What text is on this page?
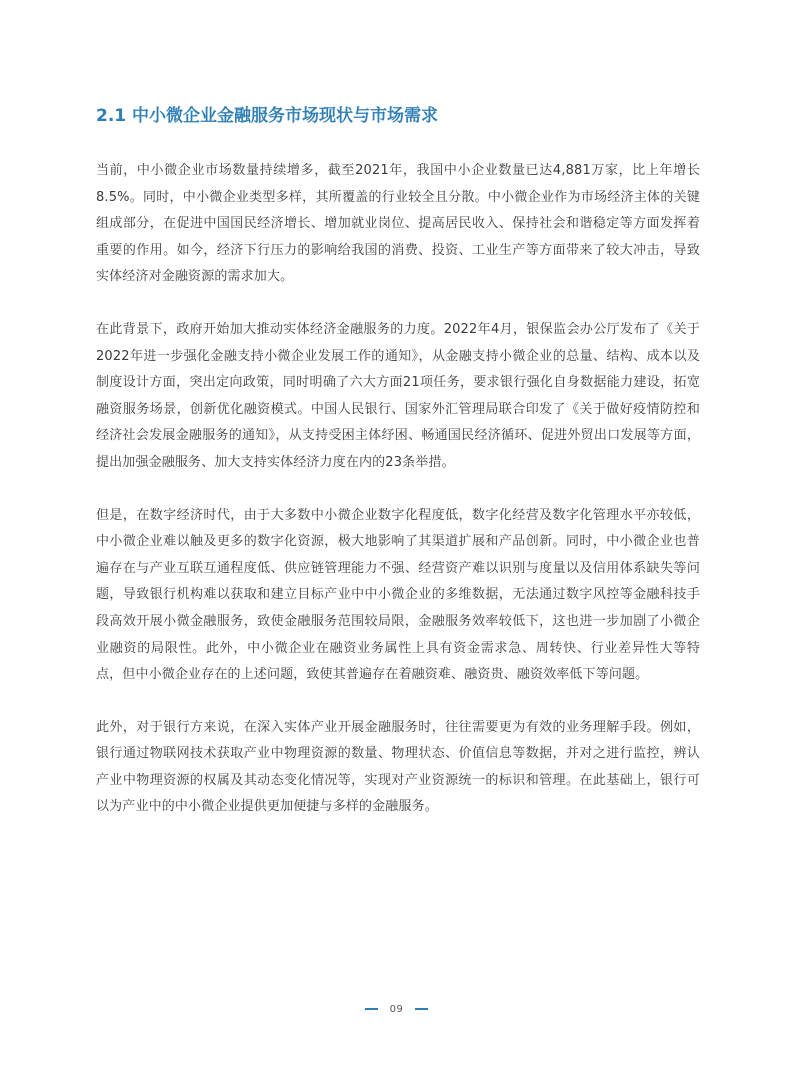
2.1 中小微企业金融服务市场现状与市场需求

当前，中小微企业市场数量持续增多，截至2021年，我国中小企业数量已达4,881万家，比上年增长8.5%。同时，中小微企业类型多样，其所覆盖的行业较全且分散。中小微企业作为市场经济主体的关键组成部分，在促进中国国民经济增长、增加就业岗位、提高居民收入、保持社会和谐稳定等方面发挥着重要的作用。如今，经济下行压力的影响给我国的消费、投资、工业生产等方面带来了较大冲击，导致实体经济对金融资源的需求加大。

在此背景下，政府开始加大推动实体经济金融服务的力度。2022年4月，银保监会办公厅发布了《关于2022年进一步强化金融支持小微企业发展工作的通知》，从金融支持小微企业的总量、结构、成本以及制度设计方面，突出定向政策，同时明确了六大方面21项任务，要求银行强化自身数据能力建设，拓宽融资服务场景，创新优化融资模式。中国人民银行、国家外汇管理局联合印发了《关于做好疫情防控和经济社会发展金融服务的通知》，从支持受困主体纾困、畅通国民经济循环、促进外贸出口发展等方面，提出加强金融服务、加大支持实体经济力度在内的23条举措。

但是，在数字经济时代，由于大多数中小微企业数字化程度低，数字化经营及数字化管理水平亦较低，中小微企业难以触及更多的数字化资源，极大地影响了其渠道扩展和产品创新。同时，中小微企业也普遍存在与产业互联互通程度低、供应链管理能力不强、经营资产难以识别与度量以及信用体系缺失等问题，导致银行机构难以获取和建立目标产业中中小微企业的多维数据，无法通过数字风控等金融科技手段高效开展小微金融服务，致使金融服务范围较局限，金融服务效率较低下，这也进一步加剧了小微企业融资的局限性。此外，中小微企业在融资业务属性上具有资金需求急、周转快、行业差异性大等特点，但中小微企业存在的上述问题，致使其普遍存在着融资难、融资贵、融资效率低下等问题。

此外，对于银行方来说，在深入实体产业开展金融服务时，往往需要更为有效的业务理解手段。例如，银行通过物联网技术获取产业中物理资源的数量、物理状态、价值信息等数据，并对之进行监控，辨认产业中物理资源的权属及其动态变化情况等，实现对产业资源统一的标识和管理。在此基础上，银行可以为产业中的中小微企业提供更加便捷与多样的金融服务。

09
